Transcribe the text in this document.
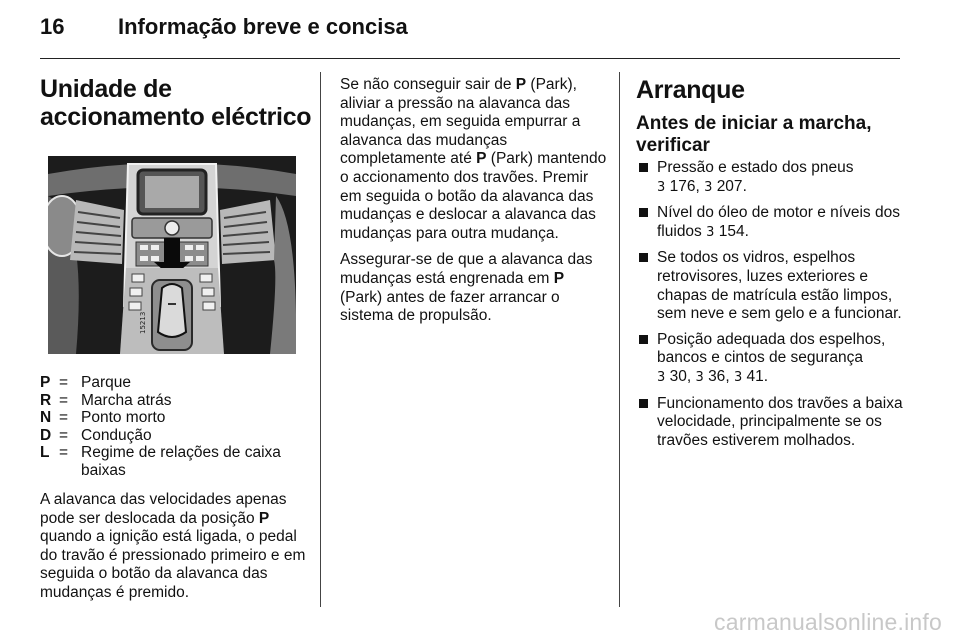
16 Informação breve e concisa
Unidade de accionamento eléctrico
15213
P = Parque
R = Marcha atrás
N = Ponto morto
D = Condução
L = Regime de relações de caixa baixas

A alavanca das velocidades apenas pode ser deslocada da posição P quando a ignição está ligada, o pedal do travão é pressionado primeiro e em seguida o botão da alavanca das mudanças é premido.

Se não conseguir sair de P (Park), aliviar a pressão na alavanca das mudanças, em seguida empurrar a alavanca das mudanças completamente até P (Park) mantendo o accionamento dos travões. Premir em seguida o botão da alavanca das mudanças e deslocar a alavanca das mudanças para outra mudança.

Assegurar-se de que a alavanca das mudanças está engrenada em P (Park) antes de fazer arrancar o sistema de propulsão.

Arranque
Antes de iniciar a marcha, verificar
Pressão e estado dos pneus
3 176, 3 207.
Nível do óleo de motor e níveis dos fluidos 3 154.
Se todos os vidros, espelhos retrovisores, luzes exteriores e chapas de matrícula estão limpos, sem neve e sem gelo e a funcionar.
Posição adequada dos espelhos, bancos e cintos de segurança
3 30, 3 36, 3 41.
Funcionamento dos travões a baixa velocidade, principalmente se os travões estiverem molhados.
carmanualsonline.info
